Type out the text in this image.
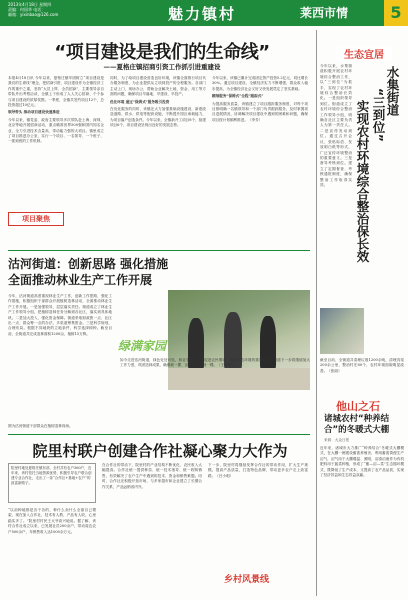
2013年4月18日 星期四
责编：何国华 电话：
邮箱：yixinbao@126.com	魅力镇村	莱西市情	5
“项目建设是我们的生命线”
——夏格庄镇招商引资工作抓引进重建设
本报4月18日讯 今年以来，夏格庄镇牢固树立“项目建设是我们的生命线”理念，把招商引资、项目建设作为全镇经济工作的重中之重，坚持“大员上阵、全员招商”，主要领导亲自带队外出考察洽谈，全镇上下形成了人人关心招商、个个参与项目建设的浓厚氛围。一季度，全镇共签约项目12个，总投资超过10亿元。
领导带头 推动项目建设快速推进
今年以来，镇党委、政府主要领导多次带队赴上海、深圳、北京等地开展招商活动，重点瞄准世界500强和国内知名企业，全力引进技术含量高、带动能力强的大项目。镇里成立了项目推进办公室，实行一个项目、一名领导、一个班子、一抓到底的工作机制。
同时，为了给项目建设营造良好环境，该镇全面推行项目代办服务制度，为企业提供从立项到投产的全程服务。各部门主动上门，现场办公，帮助企业解决土地、资金、用工等方面的问题，确保项目早落地、早建设、早投产。
优化环境 通过“保姆式”服务吸引投资
在优化服务的同时，该镇还大力加强基础设施建设，新建改造道路、供水、供电等配套设施，不断提升园区承载能力，为项目落户创造条件。今年以来，全镇新开工项目8个，续建项目6个，项目建设呈现出良好的发展态势。
今年以来，该镇已累计完成固定资产投资5.2亿元，同比增长30%。通过项目建设，全镇经济实力不断增强，群众收入稳步提高，为全镇经济社会又好又快发展奠定了坚实基础。
精细服务“保姆式”全程“跟踪式”
为提高服务质量，该镇建立了项目跟踪服务制度，对每个项目都明确一名镇领导和一个部门负责跟踪服务，及时掌握项目进展情况，协调解决项目建设中遇到的困难和问题，确保项目按计划顺利推进。（李芳）
项目聚焦
沽河街道：创新思路 强化措施
全面推动林业生产工作开展
今年，沽河街道高度重视林业生产工作，创新工作思路，强化工作措施，积极组织干部群众开展植树造林活动，全面推动林业生产工作开展。一是加强领导，层层落实责任。街道成立了林业生产工作领导小组，把植树造林任务分解到各社区，落实到具体地块。二是加大投入，强化资金保障。街道采取财政拨一点、社区出一点、群众筹一点的办法，多渠道筹集资金。三是科学规划，合理布局。根据不同地块的立地条件，科学选择树种。截至目前，全街道共完成造林面积1200亩，植树15万株。
绿满家园
如今走进沽河街道，绿色处处可见，林业生产已成为促进农民增收、改善生态环境的重要产业。街道下一步将继续加大工作力度，巩固造林成果，确保栽一棵、活一棵、成林一棵。（王晓明）
图为沽河街道干部群众在植树造林现场。
院里村联户创建合作社凝心聚力大作为
院里村地处夏格庄镇东部，全村共有农户360户，近年来，该村依托当地资源优势，积极引导农户联合创建专业合作社，走出了一条“合作社+基地+农户”的致富新路子。
“以前种地都是各干各的，种什么卖什么全靠自己摸索，现在加入合作社，技术有人教，产品有人收，心里踏实多了。”院里村村民王大爷高兴地说。据了解，该村合作社成立以来，已发展社员200余户，带动周边农户500余户，年销售收入达1000余万元。
在合作社的带动下，院里村的产业结构不断优化，农民收入大幅提高。合作社统一提供种苗、统一技术指导、统一收购销售，有效解决了农户生产中遇到的技术、资金和销售难题。同时，合作社还积极开拓市场，与多家超市和企业建立了长期合作关系，产品远销省内外。
下一步，院里村将继续发挥合作社的带动作用，扩大生产规模，提高产品质量，打造特色品牌，带动更多农户走上致富路。（吕小明）
乡村风景线
生态宜居
水集街道
“三到位”
实现农村环境综合整治保长效
今年以来，水集街道积极开展农村环境综合整治工作，以“三到位”为抓手，实现了农村环境综合整治长效化。一是组织领导到位。街道成立了农村环境综合整治工作领导小组，明确各社区主要负责人为第一责任人。二是宣传发动到位。通过召开会议、张贴标语、发放明白纸等形式，广泛宣传环境整治的重要意义。三是督导考核到位。建立了定期督查、考核通报制度，确保整治工作取得实效。
截至目前，全街道共清理垃圾1200余吨，清理沟渠200余公里，整治村庄80个，农村环境面貌明显改善。（张丽）
他山之石
诸城农村“种养结合”的冬暖式大棚
来源：大众日报
近年来，诸城市大力推广“种养结合”冬暖式大棚模式，在大棚一侧建设畜禽养殖舍，利用畜禽粪便生产沼气，沼气用于大棚增温、照明，沼渣沼液作为有机肥料用于蔬菜种植，形成了“畜—沼—菜”生态循环模式，既降低了生产成本，又提高了农产品品质，实现了经济效益和生态效益双赢。
